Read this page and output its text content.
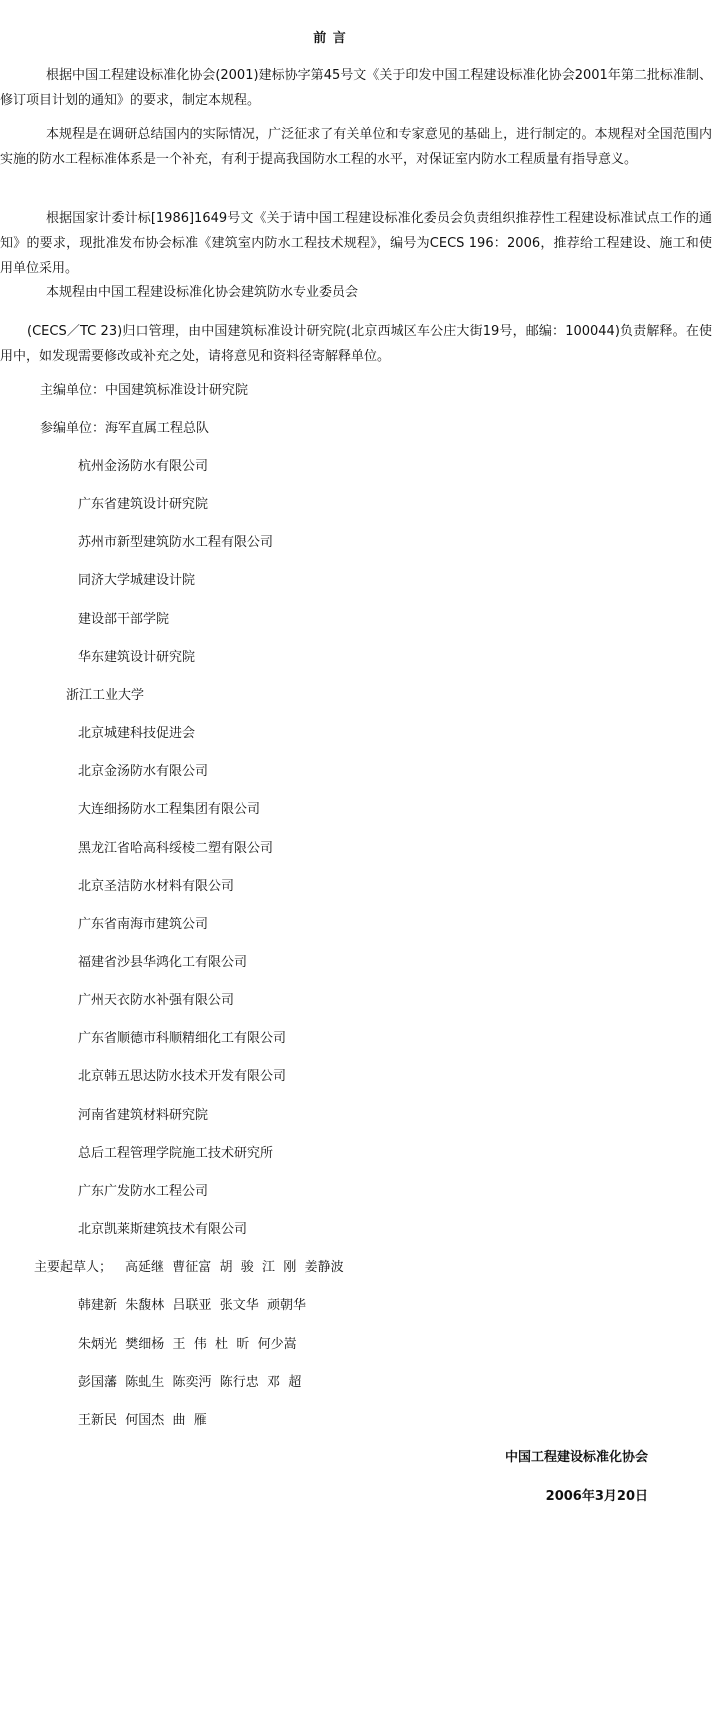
前 言

根据中国工程建设标准化协会(2001)建标协字第45号文《关于印发中国工程建设标准化协会2001年第二批标准制、修订项目计划的通知》的要求，制定本规程。

本规程是在调研总结国内的实际情况，广泛征求了有关单位和专家意见的基础上，进行制定的。本规程对全国范围内实施的防水工程标准体系是一个补充，有利于提高我国防水工程的水平，对保证室内防水工程质量有指导意义。

根据国家计委计标[1986]1649号文《关于请中国工程建设标准化委员会负责组织推荐性工程建设标准试点工作的通知》的要求，现批准发布协会标准《建筑室内防水工程技术规程》，编号为CECS 196：2006，推荐给工程建设、施工和使用单位采用。

本规程由中国工程建设标准化协会建筑防水专业委员会

(CECS／TC 23)归口管理，由中国建筑标准设计研究院(北京西城区车公庄大街19号，邮编：100044)负责解释。在使用中，如发现需要修改或补充之处，请将意见和资料径寄解释单位。

主编单位：中国建筑标准设计研究院
参编单位：海军直属工程总队
杭州金汤防水有限公司
广东省建筑设计研究院
苏州市新型建筑防水工程有限公司
同济大学城建设计院
建设部干部学院
华东建筑设计研究院
浙江工业大学
北京城建科技促进会
北京金汤防水有限公司
大连细扬防水工程集团有限公司
黑龙江省哈高科绥棱二塑有限公司
北京圣洁防水材料有限公司
广东省南海市建筑公司
福建省沙县华鸿化工有限公司
广州天衣防水补强有限公司
广东省顺德市科顺精细化工有限公司
北京韩五思达防水技术开发有限公司
河南省建筑材料研究院
总后工程管理学院施工技术研究所
广东广发防水工程公司
北京凯莱斯建筑技术有限公司
主要起草人； 高延继  曹征富  胡  骏  江  刚  姜静波
韩建新  朱馥林  吕联亚  张文华  顽朝华
朱炳光  樊细杨  王  伟  杜  昕  何少嵩
彭国藩  陈虬生  陈奕沔  陈行忠  邓  超
王新民  何国杰  曲  雁
中国工程建设标准化协会
2006年3月20日
